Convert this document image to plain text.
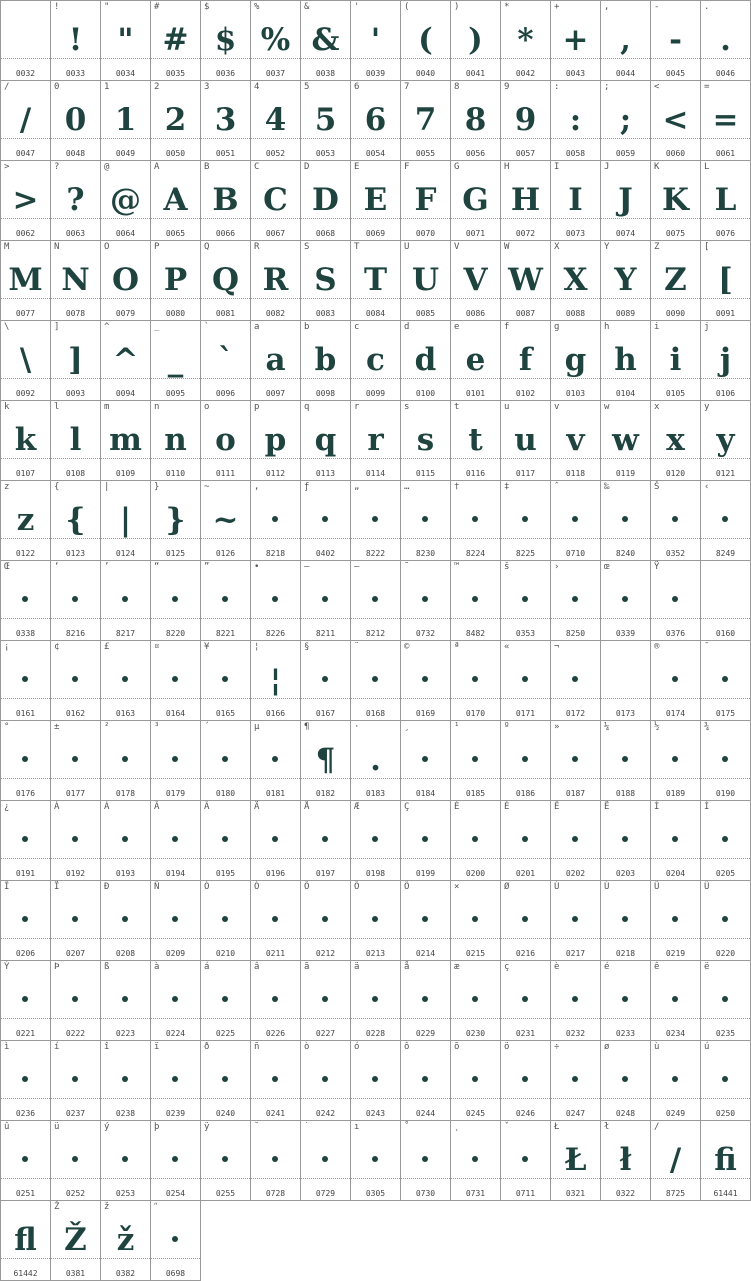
0032
!
!
0033
"
"
0034
#
#
0035
$
$
0036
%
%
0037
&
&
0038
'
'
0039
(
(
0040
)
)
0041
*
*
0042
+
+
0043
,
,
0044
-
-
0045
.
.
0046
/
/
0047
0
0
0048
1
1
0049
2
2
0050
3
3
0051
4
4
0052
5
5
0053
6
6
0054
7
7
0055
8
8
0056
9
9
0057
:
:
0058
;
;
0059
<
<
0060
=
=
0061
>
>
0062
?
?
0063
@
@
0064
A
A
0065
B
B
0066
C
C
0067
D
D
0068
E
E
0069
F
F
0070
G
G
0071
H
H
0072
I
I
0073
J
J
0074
K
K
0075
L
L
0076
M
M
0077
N
N
0078
O
O
0079
P
P
0080
Q
Q
0081
R
R
0082
S
S
0083
T
T
0084
U
U
0085
V
V
0086
W
W
0087
X
X
0088
Y
Y
0089
Z
Z
0090
[
[
0091
\
\
0092
]
]
0093
^
^
0094
_
_
0095
`
`
0096
a
a
0097
b
b
0098
c
c
0099
d
d
0100
e
e
0101
f
f
0102
g
g
0103
h
h
0104
i
i
0105
j
j
0106
k
k
0107
l
l
0108
m
m
0109
n
n
0110
o
o
0111
p
p
0112
q
q
0113
r
r
0114
s
s
0115
t
t
0116
u
u
0117
v
v
0118
w
w
0119
x
x
0120
y
y
0121
z
z
0122
{
{
0123
|
|
0124
}
}
0125
~
~
0126
‚
8218
ƒ
0402
„
8222
…
8230
†
8224
‡
8225
ˆ
0710
‰
8240
Š
0352
‹
8249
Œ
0338
‘
8216
’
8217
“
8220
”
8221
•
8226
–
8211
—
8212
˜
0732
™
8482
š
0353
›
8250
œ
0339
Ÿ
0376	0160
¡
0161
¢
0162
£
0163
¤
0164
¥
0165
¦
¦
0166
§
0167
¨
0168
©
0169
ª
0170
«
0171
¬
0172	0173
®
0174
¯
0175
°
0176
±
0177
²
0178
³
0179
´
0180
µ
0181
¶
¶
0182
·
.
0183
¸
0184
¹
0185
º
0186
»
0187
¼
0188
½
0189
¾
0190
¿
0191
À
0192
Á
0193
Â
0194
Ã
0195
Ä
0196
Å
0197
Æ
0198
Ç
0199
È
0200
É
0201
Ê
0202
Ë
0203
Ì
0204
Í
0205
Î
0206
Ï
0207
Ð
0208
Ñ
0209
Ò
0210
Ó
0211
Ô
0212
Õ
0213
Ö
0214
×
0215
Ø
0216
Ù
0217
Ú
0218
Û
0219
Ü
0220
Ý
0221
Þ
0222
ß
0223
à
0224
á
0225
â
0226
ã
0227
ä
0228
å
0229
æ
0230
ç
0231
è
0232
é
0233
ê
0234
ë
0235
ì
0236
í
0237
î
0238
ï
0239
ð
0240
ñ
0241
ò
0242
ó
0243
ô
0244
õ
0245
ö
0246
÷
0247
ø
0248
ù
0249
ú
0250
û
0251
ü
0252
ý
0253
þ
0254
ÿ
0255
˘
0728
˙
0729
ı
0305
˚
0730
˛
0731
ˇ
0711
Ł
Ł
0321
ł
ł
0322
∕
/
8725
fi
61441
fl
61442
Ž
Ž
0381
ž
ž
0382
ʺ
0698
